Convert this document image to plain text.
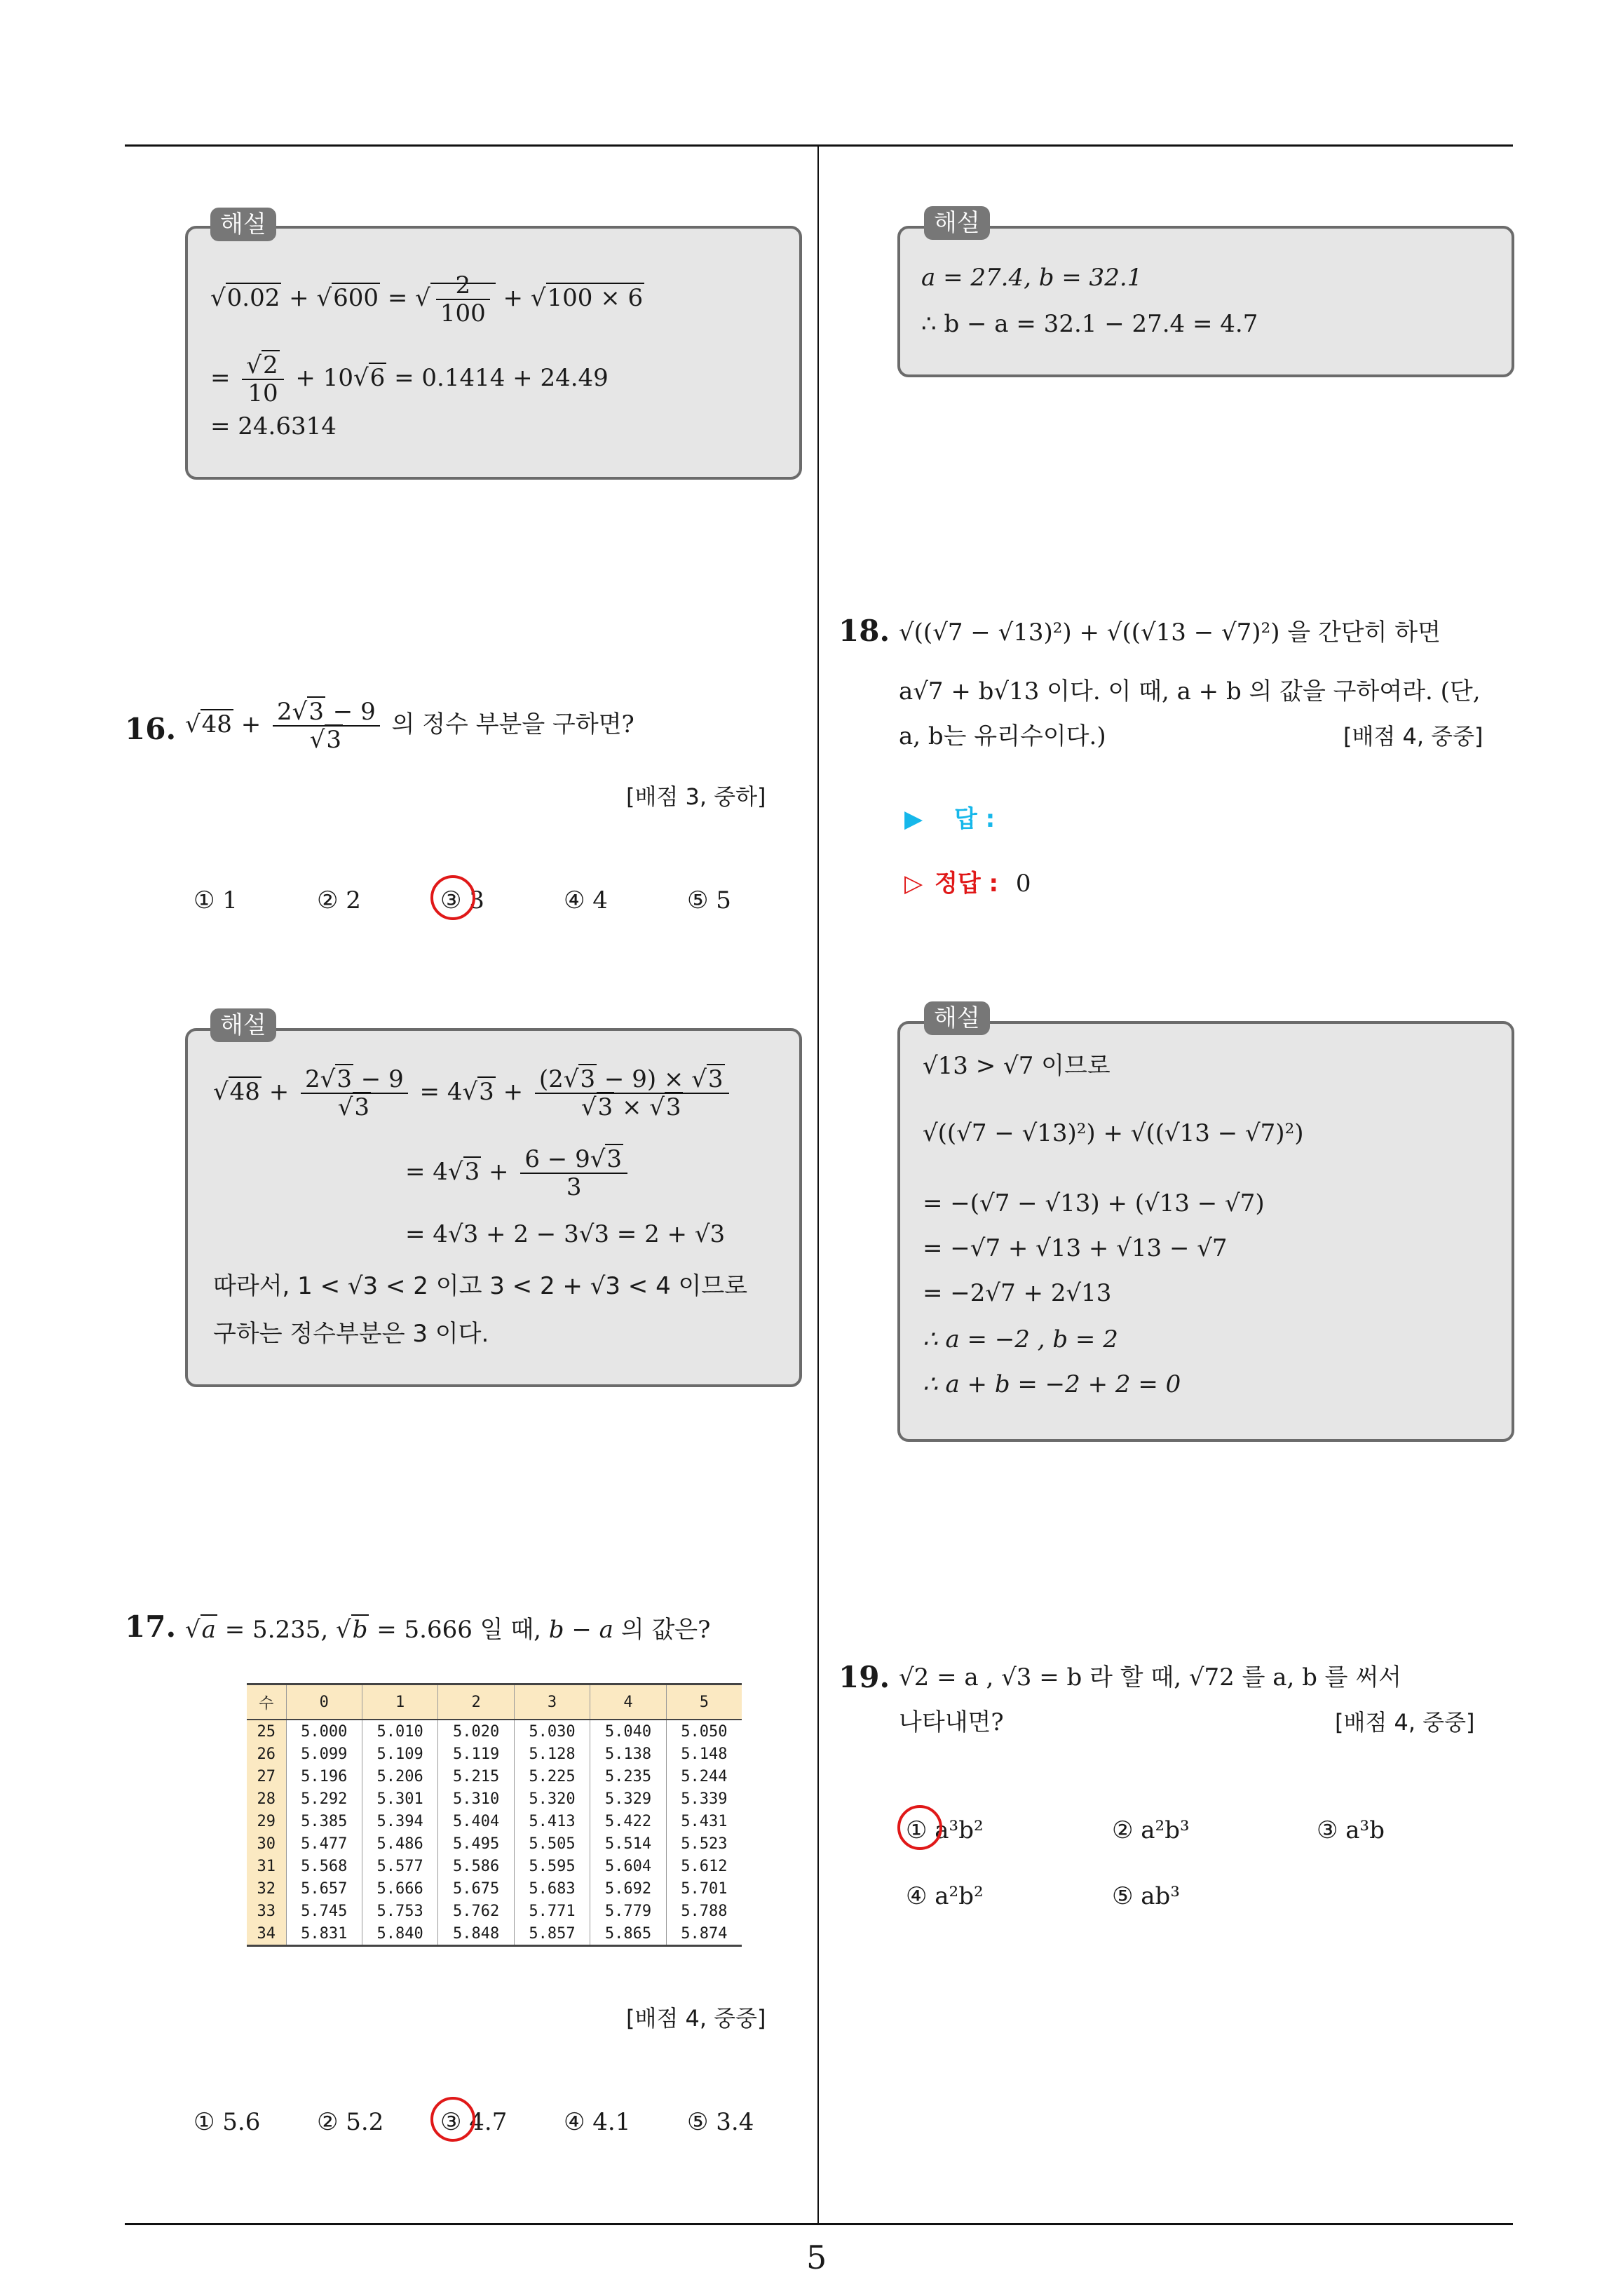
5
√0.02 + √600 = √ $\frac{2}{100} + √100 \times 6$
= $\frac{√2}{10} + 10√6 = 0.1414 + 24.49$
= 24.6314
해설
16. $√48 + \frac{2√3 - 9}{√3}$ 의 정수 부분을 구하면?
[배점 3, 중하]
① 1	② 2	③ 3	④ 4	⑤ 5
$√48 + \frac{2√3 - 9}{√3} = 4√3 + \frac{(2√3 - 9) \times √3}{√3 \times √3}$
= $4√3 + \frac{6 - 9√3}{3}$
= 4√3 + 2 − 3√3 = 2 + √3
따라서, 1 < √3 < 2 이고 3 < 2 + √3 < 4 이므로
구하는 정수부분은 3 이다.
해설
17. √a = 5.235, √b = 5.666 일 때, b − a 의 값은?
수	0	1	2	3	4	5
25	5.000	5.010	5.020	5.030	5.040	5.050
26	5.099	5.109	5.119	5.128	5.138	5.148
27	5.196	5.206	5.215	5.225	5.235	5.244
28	5.292	5.301	5.310	5.320	5.329	5.339
29	5.385	5.394	5.404	5.413	5.422	5.431
30	5.477	5.486	5.495	5.505	5.514	5.523
31	5.568	5.577	5.586	5.595	5.604	5.612
32	5.657	5.666	5.675	5.683	5.692	5.701
33	5.745	5.753	5.762	5.771	5.779	5.788
34	5.831	5.840	5.848	5.857	5.865	5.874
[배점 4, 중중]
① 5.6 ② 5.2 ③ 4.7 ④ 4.1 ⑤ 3.4
a = 27.4, b = 32.1
∴ b − a = 32.1 − 27.4 = 4.7
해설
18. √((√7 − √13)²) + √((√13 − √7)²) 을 간단히 하면
a√7 + b√13 이다. 이 때, a + b 의 값을 구하여라. (단,
a, b는 유리수이다.)	[배점 4, 중중]
▶ 답 :
▷ 정답 : 0
√13 > √7 이므로
√((√7 − √13)²) + √((√13 − √7)²)
= −(√7 − √13) + (√13 − √7)
= −√7 + √13 + √13 − √7
= −2√7 + 2√13
∴ a = −2 , b = 2
∴ a + b = −2 + 2 = 0
해설
19. √2 = a , √3 = b 라 할 때, √72 를 a, b 를 써서
나타내면?	[배점 4, 중중]
① a³b²	② a²b³	③ a³b
④ a²b²	⑤ ab³
